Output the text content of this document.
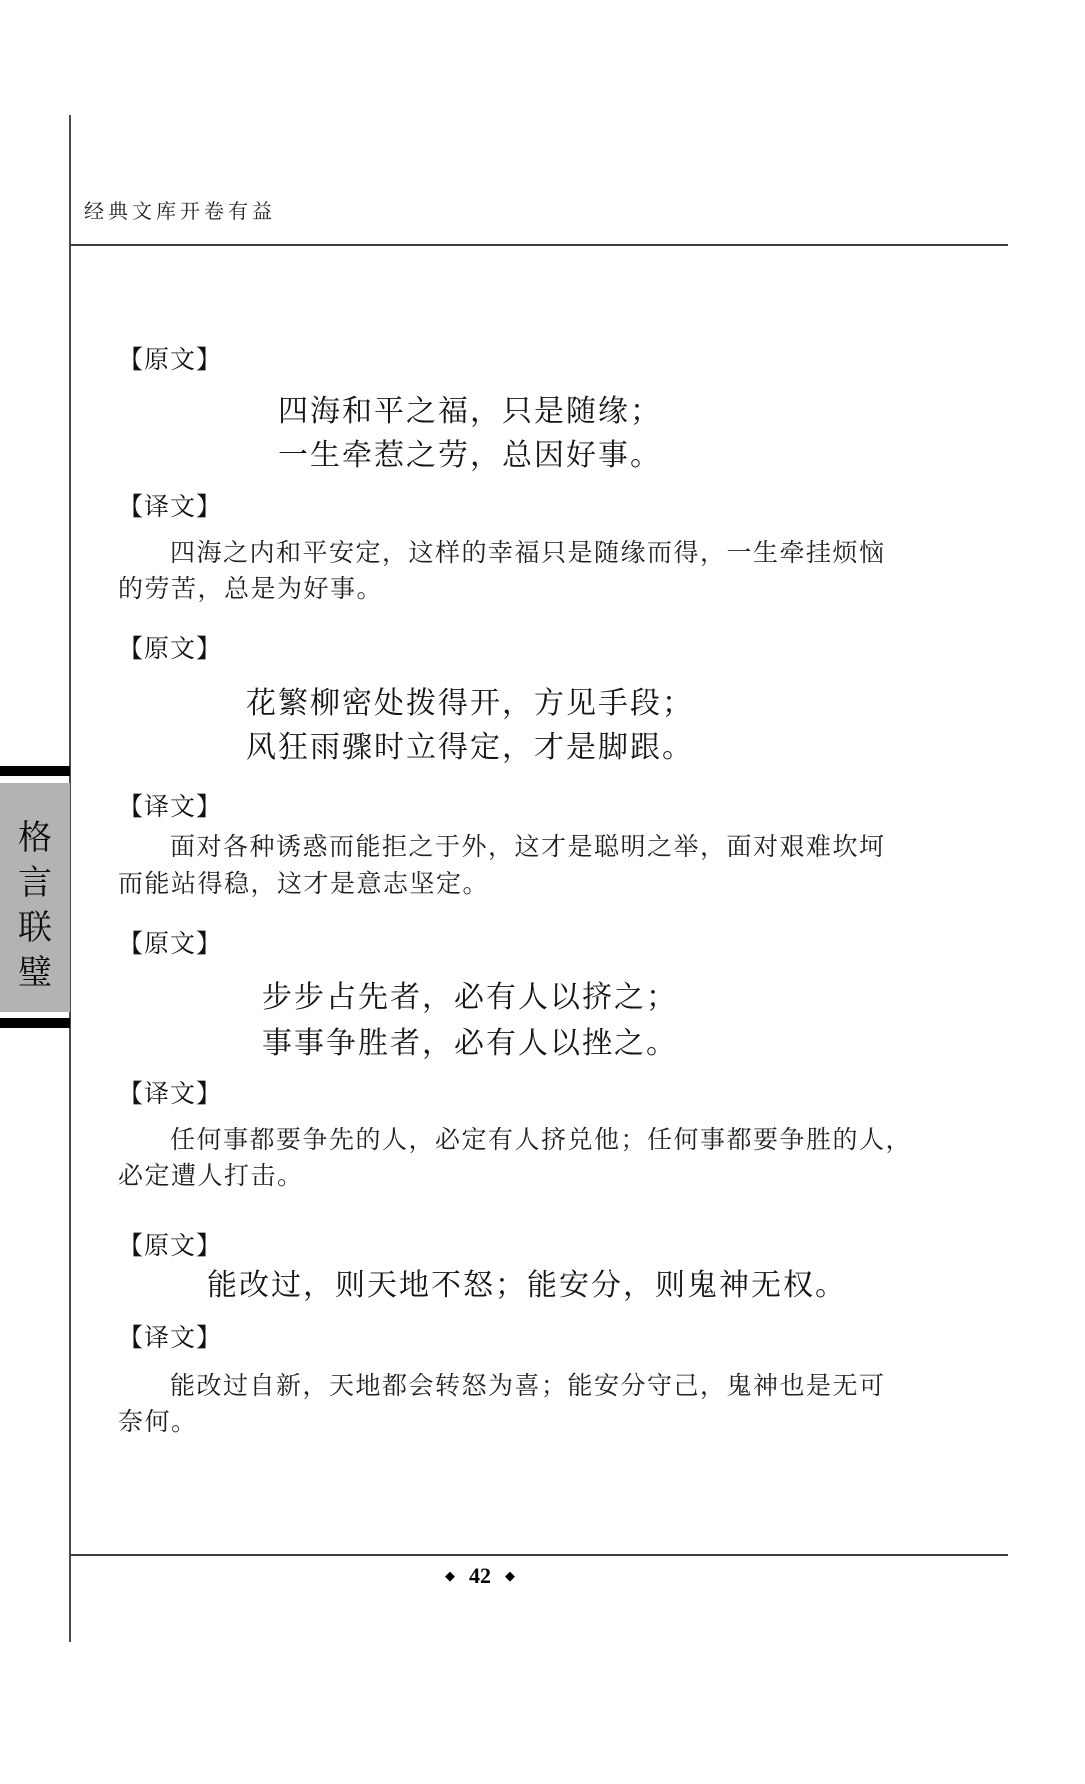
经典文库开卷有益
格
言
联
璧
【原文】
四海和平之福，只是随缘；
一生牵惹之劳，总因好事。
【译文】
四海之内和平安定，这样的幸福只是随缘而得，一生牵挂烦恼
的劳苦，总是为好事。
【原文】
花繁柳密处拨得开，方见手段；
风狂雨骤时立得定，才是脚跟。
【译文】
面对各种诱惑而能拒之于外，这才是聪明之举，面对艰难坎坷
而能站得稳，这才是意志坚定。
【原文】
步步占先者，必有人以挤之；
事事争胜者，必有人以挫之。
【译文】
任何事都要争先的人，必定有人挤兑他；任何事都要争胜的人，
必定遭人打击。
【原文】
能改过，则天地不怒；能安分，则鬼神无权。
【译文】
能改过自新，天地都会转怒为喜；能安分守己，鬼神也是无可
奈何。
◆ 42 ◆
